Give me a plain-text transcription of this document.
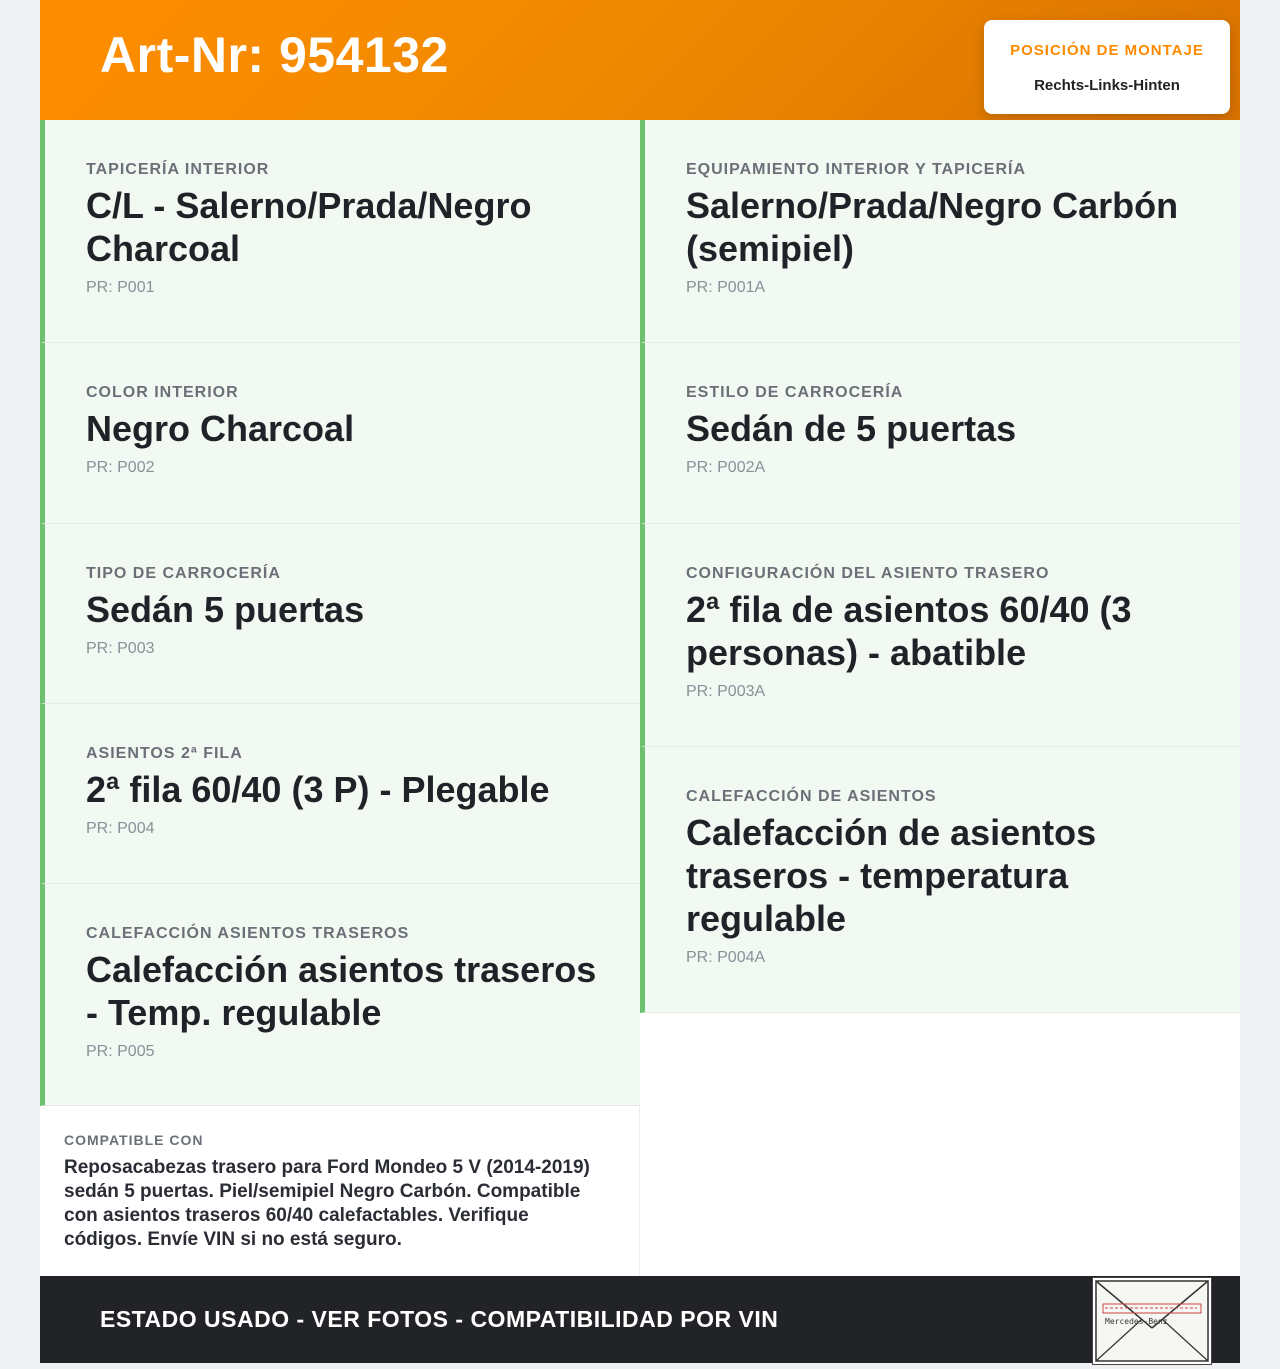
Art-Nr: 954132	POSICIÓN DE MONTAJE
Rechts-Links-Hinten
TAPICERÍA INTERIOR
C/L - Salerno/Prada/Negro Charcoal
PR: P001
COLOR INTERIOR
Negro Charcoal
PR: P002
TIPO DE CARROCERÍA
Sedán 5 puertas
PR: P003
ASIENTOS 2ª FILA
2ª fila 60/40 (3 P) - Plegable
PR: P004
CALEFACCIÓN ASIENTOS TRASEROS
Calefacción asientos traseros - Temp. regulable
PR: P005
EQUIPAMIENTO INTERIOR Y TAPICERÍA
Salerno/Prada/Negro Carbón (semipiel)
PR: P001A
ESTILO DE CARROCERÍA
Sedán de 5 puertas
PR: P002A
CONFIGURACIÓN DEL ASIENTO TRASERO
2ª fila de asientos 60/40 (3 personas) - abatible
PR: P003A
CALEFACCIÓN DE ASIENTOS
Calefacción de asientos traseros - temperatura regulable
PR: P004A
COMPATIBLE CON
Reposacabezas trasero para Ford Mondeo 5 V (2014-2019) sedán 5 puertas. Piel/semipiel Negro Carbón. Compatible con asientos traseros 60/40 calefactables. Verifique códigos. Envíe VIN si no está seguro.
ESTADO USADO - VER FOTOS - COMPATIBILIDAD POR VIN	Mercedes-Benz
